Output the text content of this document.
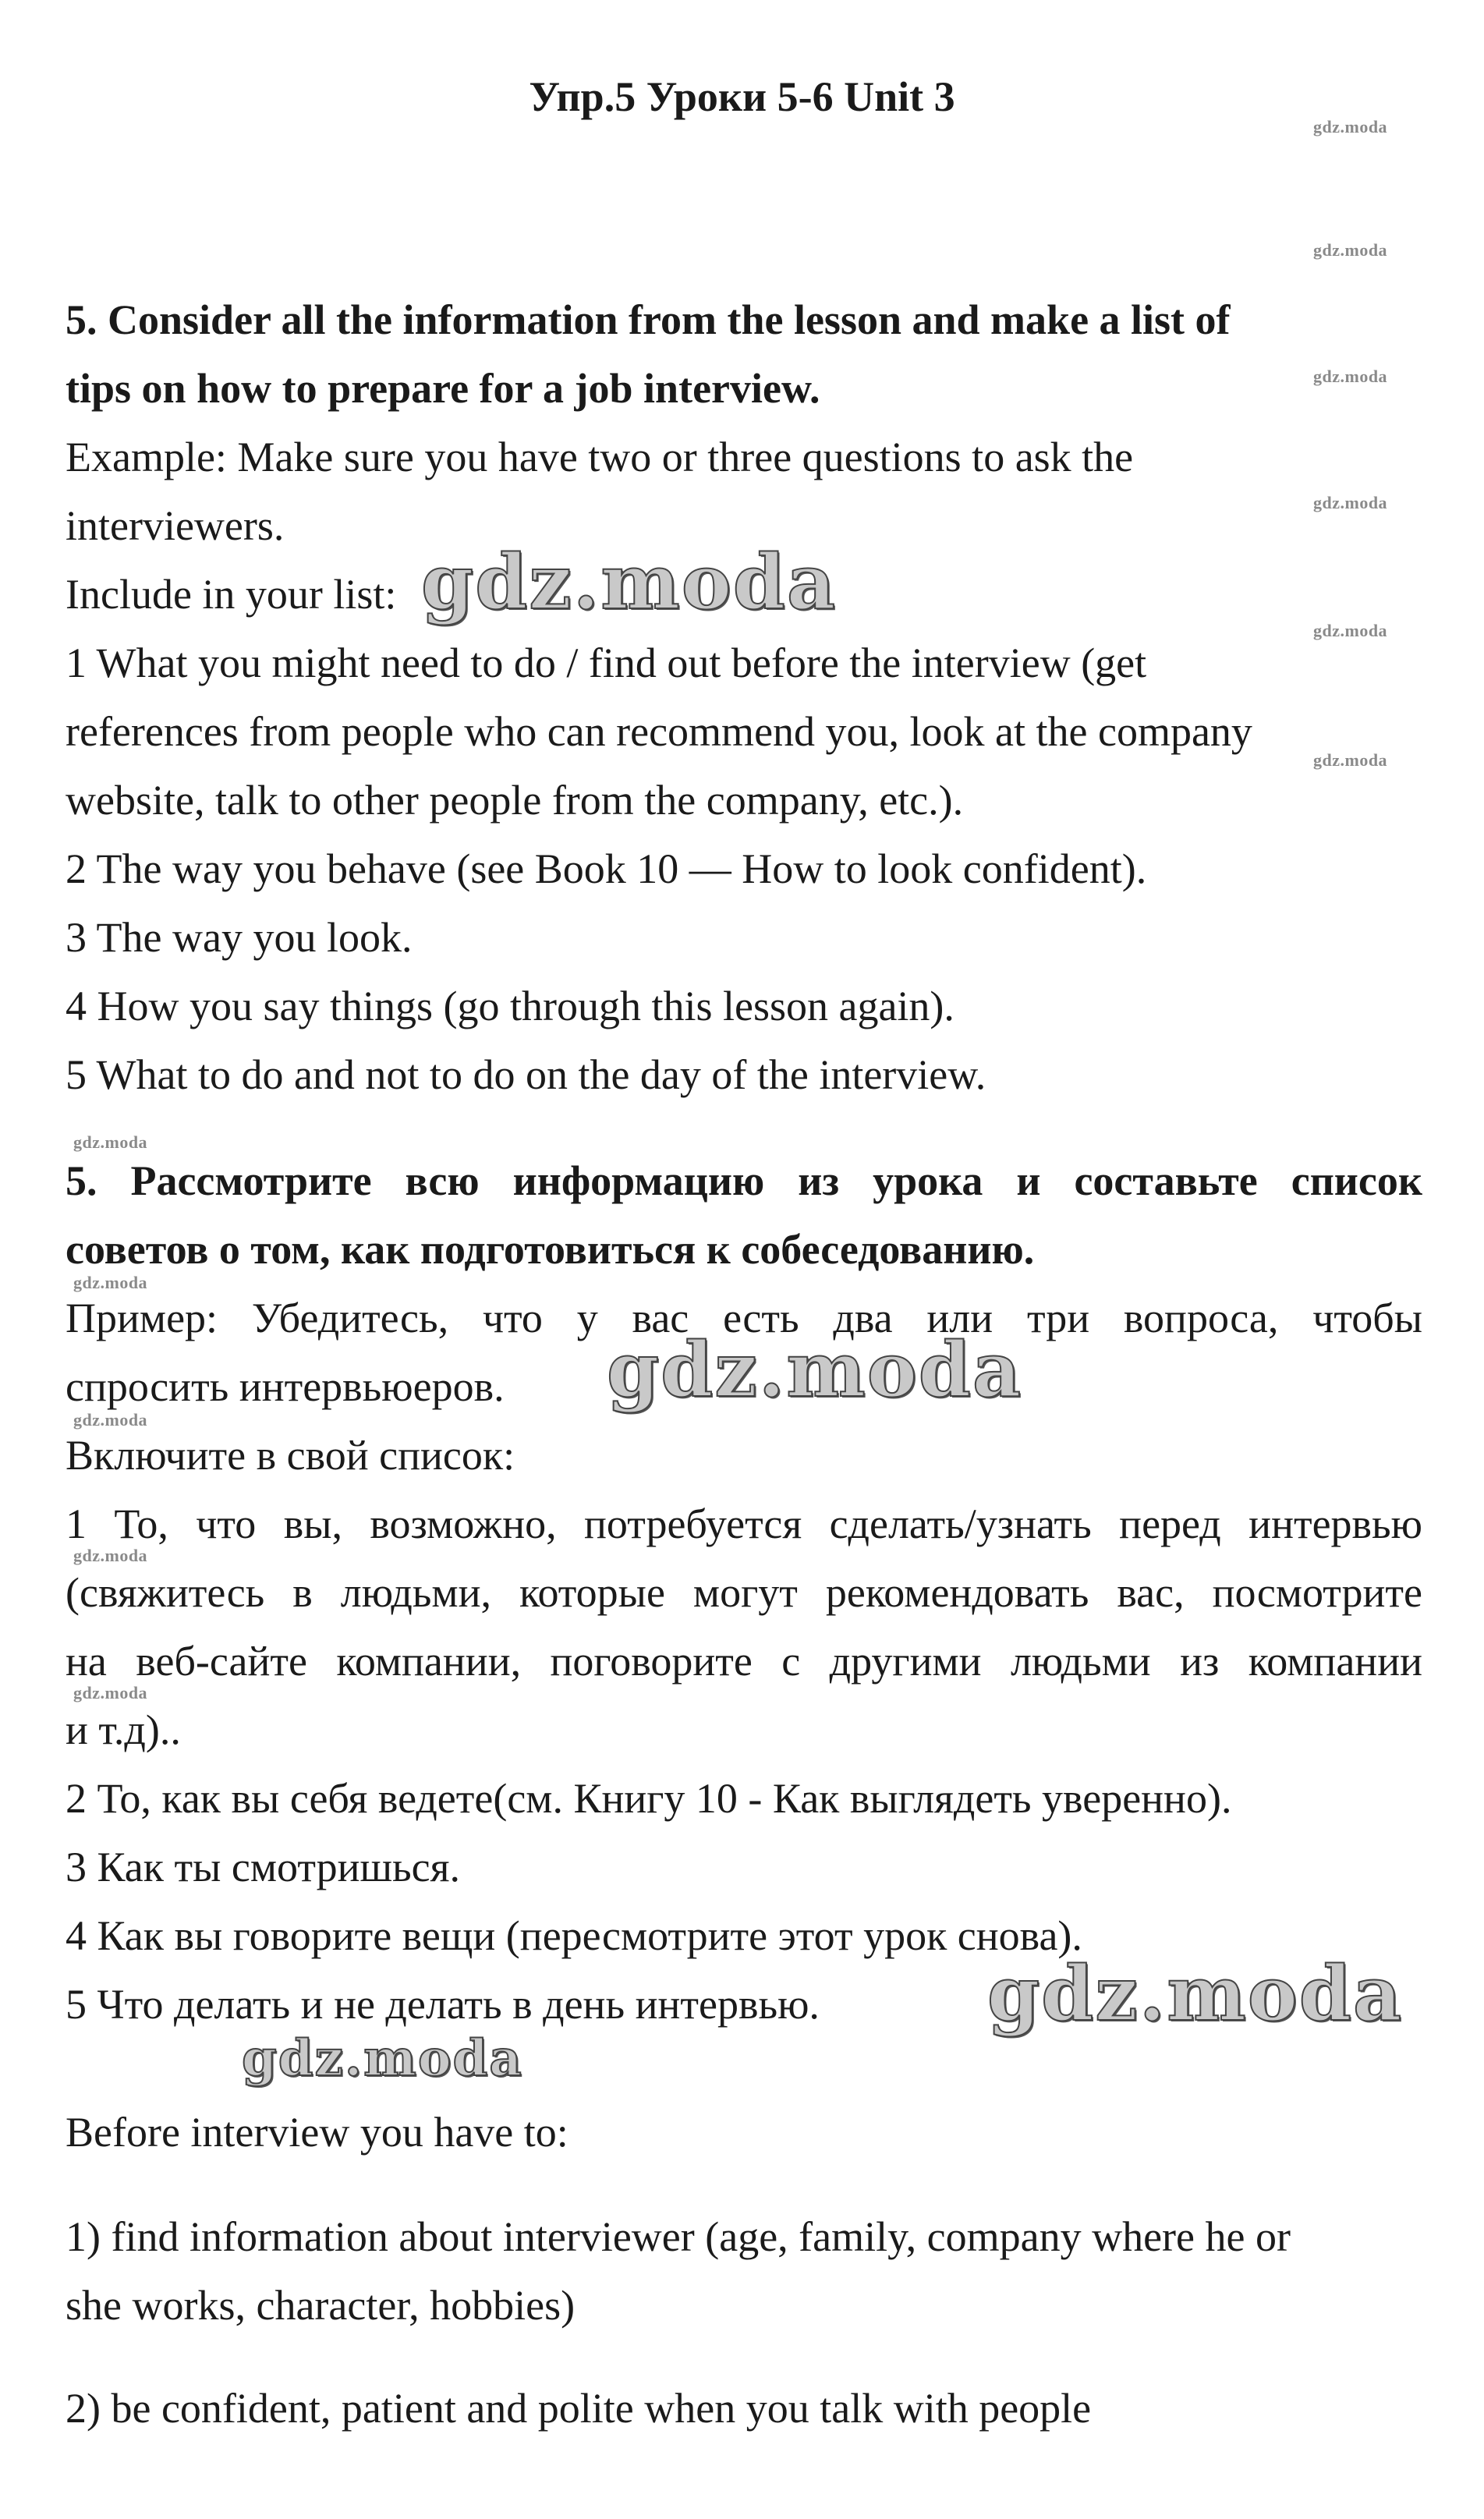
Упр.5 Уроки 5-6 Unit 3
5. Consider all the information from the lesson and make a list of
tips on how to prepare for a job interview.
Example: Make sure you have two or three questions to ask the
interviewers.
Include in your list:
1 What you might need to do / find out before the interview (get
references from people who can recommend you, look at the company
website, talk to other people from the company, etc.).
2 The way you behave (see Book 10 — How to look confident).
3 The way you look.
4 How you say things (go through this lesson again).
5 What to do and not to do on the day of the interview.
5. Рассмотрите всю информацию из урока и составьте список
советов о том, как подготовиться к собеседованию.
Пример: Убедитесь, что у вас есть два или три вопроса, чтобы
спросить интервьюеров.
Включите в свой список:
1 То, что вы, возможно, потребуется сделать/узнать перед интервью
(свяжитесь в людьми, которые могут рекомендовать вас, посмотрите
на веб-сайте компании, поговорите с другими людьми из компании
и т.д)..
2 То, как вы себя ведете(см. Книгу 10 - Как выглядеть уверенно).
3 Как ты смотришься.
4 Как вы говорите вещи (пересмотрите этот урок снова).
5 Что делать и не делать в день интервью.
Before interview you have to:
1) find information about interviewer (age, family, company where he or
she works, character, hobbies)
2) be confident, patient and polite when you talk with people
gdz.moda
gdz.moda
gdz.moda
gdz.moda
gdz.moda
gdz.moda
gdz.moda
gdz.moda
gdz.moda
gdz.moda
gdz.moda
gdz.moda
gdz.moda
gdz.moda
gdz.moda
